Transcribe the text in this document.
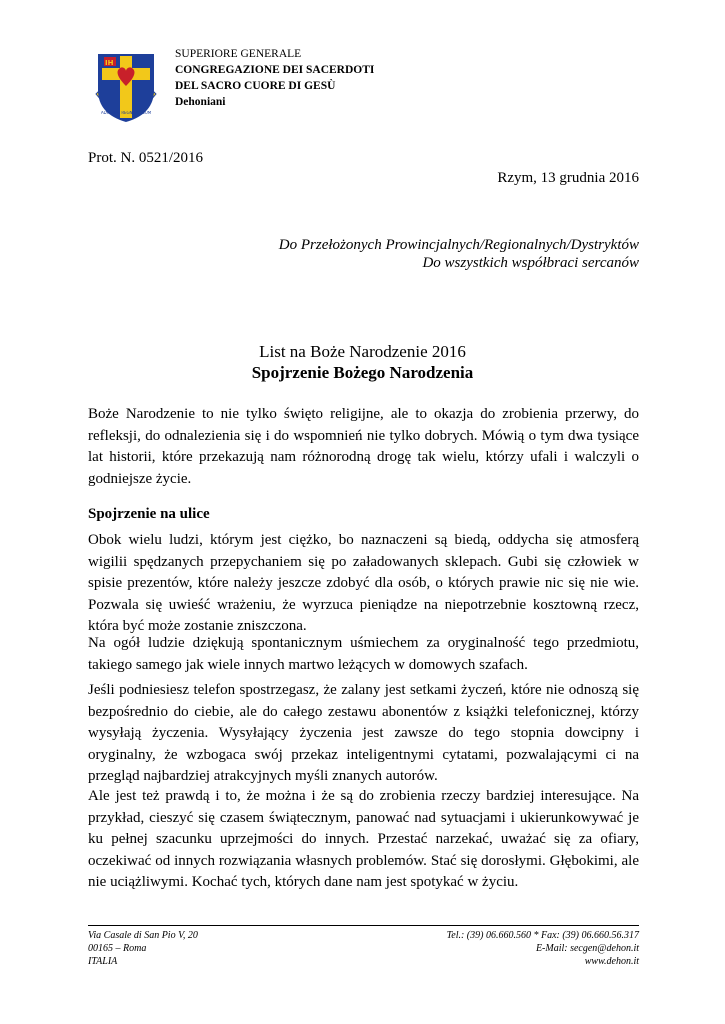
IH
ADVENIAT REGNUM TUUM
SUPERIORE GENERALE
CONGREGAZIONE DEI SACERDOTI
DEL SACRO CUORE DI GESÙ
Dehoniani
Prot. N. 0521/2016
Rzym, 13 grudnia 2016
Do Przełożonych Prowincjalnych/Regionalnych/Dystryktów
Do wszystkich współbraci sercanów
List na Boże Narodzenie 2016
Spojrzenie Bożego Narodzenia

Boże Narodzenie to nie tylko święto religijne, ale to okazja do zrobienia przerwy, do refleksji, do odnalezienia się i do wspomnień nie tylko dobrych. Mówią o tym dwa tysiące lat historii, które przekazują nam różnorodną drogę tak wielu, którzy ufali i walczyli o godniejsze życie.

Spojrzenie na ulice

Obok wielu ludzi, którym jest ciężko, bo naznaczeni są biedą, oddycha się atmosferą wigilii spędzanych przepychaniem się po załadowanych sklepach. Gubi się człowiek w spisie prezentów, które należy jeszcze zdobyć dla osób, o których prawie nic się nie wie. Pozwala się uwieść wrażeniu, że wyrzuca pieniądze na niepotrzebnie kosztowną rzecz, która być może zostanie zniszczona.

Na ogół ludzie dziękują spontanicznym uśmiechem za oryginalność tego przedmiotu, takiego samego jak wiele innych martwo leżących w domowych szafach.

Jeśli podniesiesz telefon spostrzegasz, że zalany jest setkami życzeń, które nie odnoszą się bezpośrednio do ciebie, ale do całego zestawu abonentów z książki telefonicznej, którzy wysyłają życzenia. Wysyłający życzenia jest zawsze do tego stopnia dowcipny i oryginalny, że wzbogaca swój przekaz inteligentnymi cytatami, pozwalającymi ci na przegląd najbardziej atrakcyjnych myśli znanych autorów.

Ale jest też prawdą i to, że można i że są do zrobienia rzeczy bardziej interesujące. Na przykład, cieszyć się czasem świątecznym, panować nad sytuacjami i ukierunkowywać je ku pełnej szacunku uprzejmości do innych. Przestać narzekać, uważać się za ofiary, oczekiwać od innych rozwiązania własnych problemów. Stać się dorosłymi. Głębokimi, ale nie uciążliwymi. Kochać tych, których dane nam jest spotykać w życiu.

Via Casale di San Pio V, 20
00165 – Roma
ITALIA
Tel.: (39) 06.660.560 * Fax: (39) 06.660.56.317
E-Mail: secgen@dehon.it
www.dehon.it
